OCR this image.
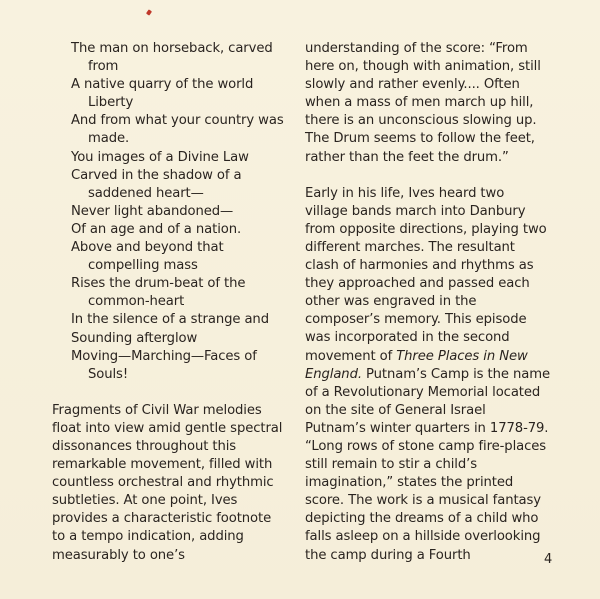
The man on horseback, carved
from
A native quarry of the world
Liberty
And from what your country was
made.
You images of a Divine Law
Carved in the shadow of a
saddened heart—
Never light abandoned—
Of an age and of a nation.
Above and beyond that
compelling mass
Rises the drum-beat of the
common-heart
In the silence of a strange and
Sounding afterglow
Moving—Marching—Faces of
Souls!

Fragments of Civil War melodies float into view amid gentle spectral dissonances throughout this remarkable movement, filled with countless orchestral and rhythmic subtleties. At one point, Ives provides a characteristic footnote to a tempo indication, adding measurably to one’s

understanding of the score: “From here on, though with animation, still slowly and rather evenly.... Often when a mass of men march up hill, there is an unconscious slowing up. The Drum seems to follow the feet, rather than the feet the drum.”

Early in his life, Ives heard two village bands march into Danbury from opposite directions, playing two different marches. The resultant clash of harmonies and rhythms as they approached and passed each other was engraved in the composer’s memory. This episode was incorporated in the second movement of Three Places in New England. Putnam’s Camp is the name of a Revolutionary Memorial located on the site of General Israel Putnam’s winter quarters in 1778-79. “Long rows of stone camp fire-places still remain to stir a child’s imagination,” states the printed score. The work is a musical fantasy depicting the dreams of a child who falls asleep on a hillside overlooking the camp during a Fourth	4
